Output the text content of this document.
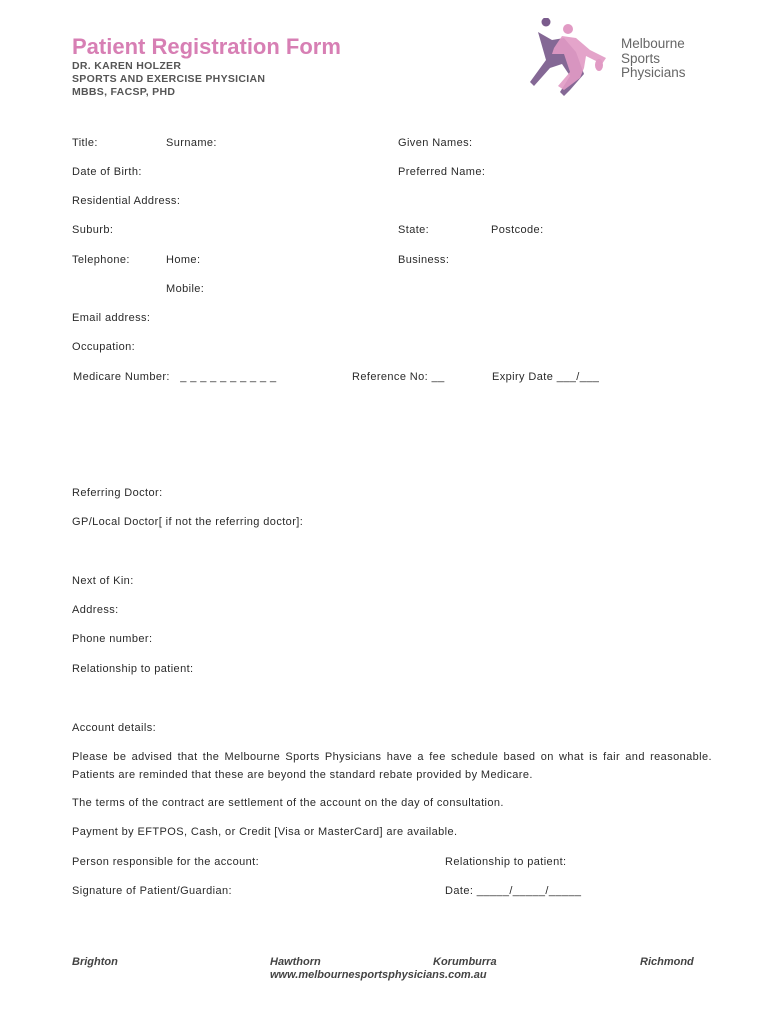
Patient Registration Form
DR. KAREN HOLZER
SPORTS AND EXERCISE PHYSICIAN
MBBS, FACSP, PHD
Melbourne
Sports
Physicians
Title:	Surname:	Given Names:
Date of Birth:	Preferred Name:
Residential Address:
Suburb:	State:	Postcode:
Telephone:	Home:	Business:
Mobile:
Email address:
Occupation:
Medicare Number:   _ _ _ _ _ _ _ _ _ _	Reference No: __	Expiry Date ___/___
Referring Doctor:
GP/Local Doctor[ if not the referring doctor]:
Next of Kin:
Address:
Phone number:
Relationship to patient:
Account details:
Please be advised that the Melbourne Sports Physicians have a fee schedule based on what is fair and reasonable. Patients are reminded that these are beyond the standard rebate provided by Medicare.
The terms of the contract are settlement of the account on the day of consultation.
Payment by EFTPOS, Cash, or Credit [Visa or MasterCard] are available.
Person responsible for the account:	Relationship to patient:
Signature of Patient/Guardian:	Date: _____/_____/_____
Brighton	Hawthorn	Korumburra	Richmond
www.melbournesportsphysicians.com.au
